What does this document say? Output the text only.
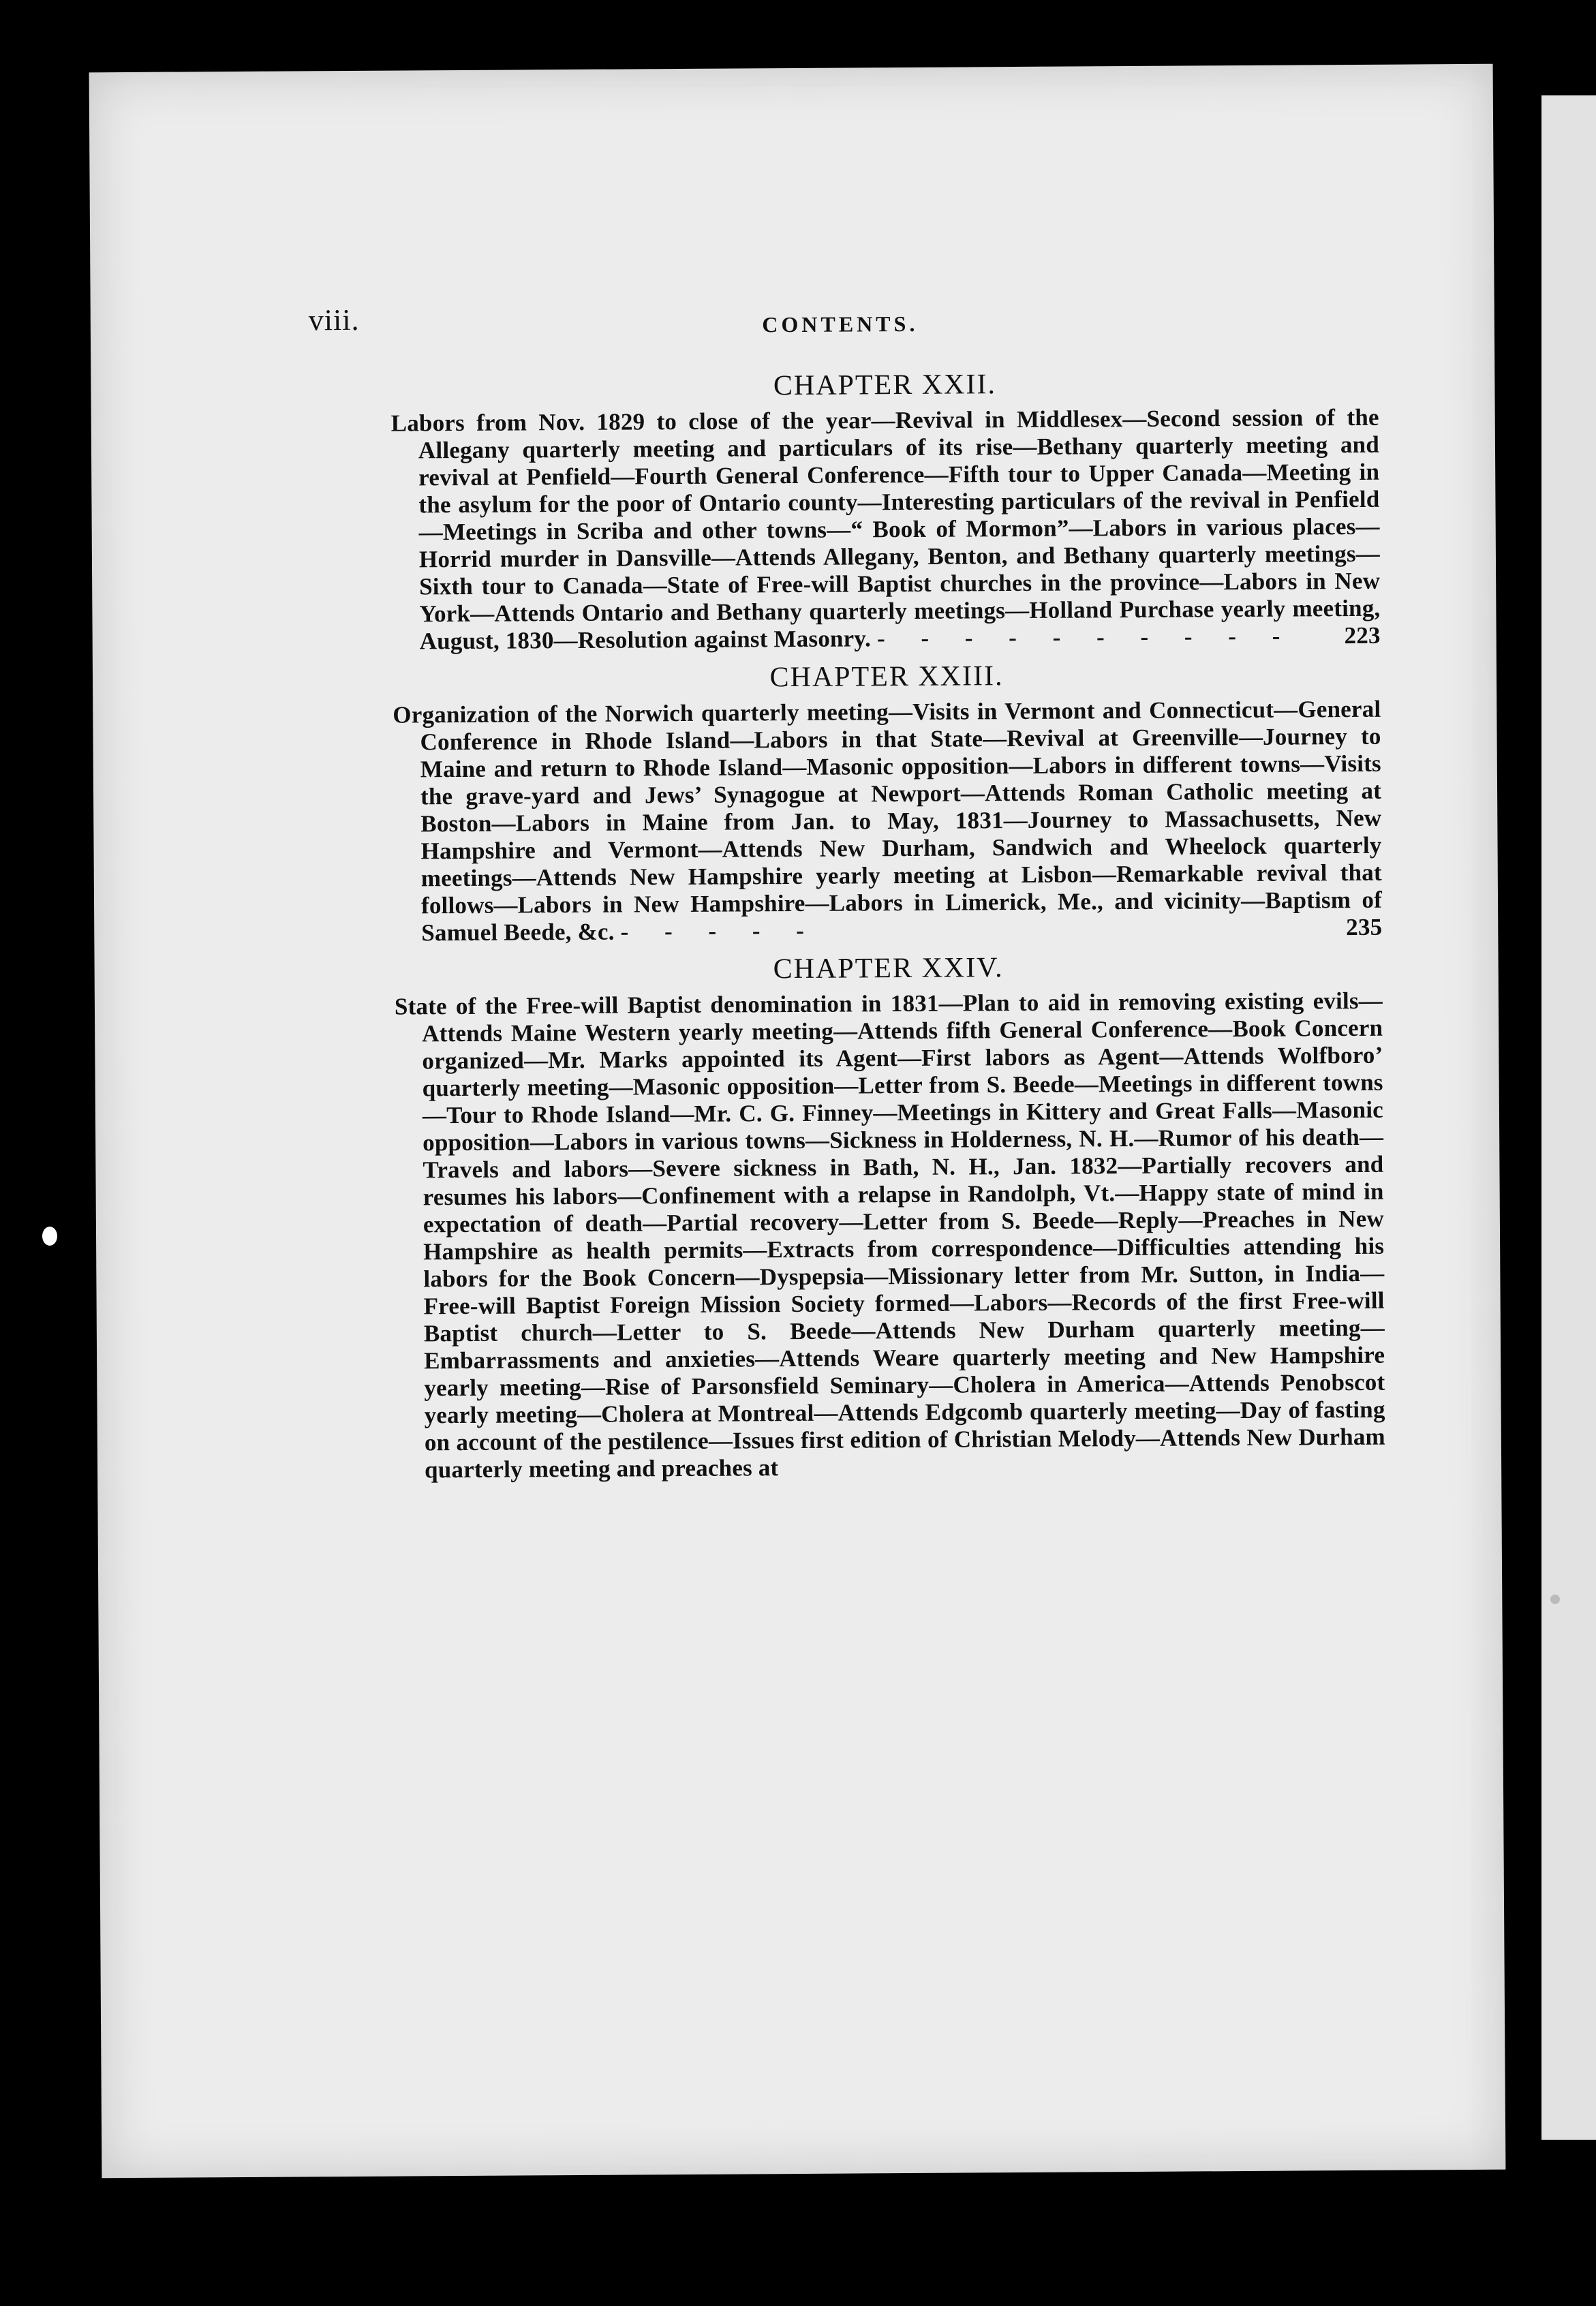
viii.	CONTENTS.
CHAPTER XXII.

Labors from Nov. 1829 to close of the year—Revival in Middlesex—Second session of the Allegany quarterly meeting and particulars of its rise—Bethany quarterly meeting and revival at Penfield—Fourth General Conference—Fifth tour to Upper Canada—Meeting in the asylum for the poor of Ontario county—Interesting particulars of the revival in Penfield—Meetings in Scriba and other towns—“ Book of Mormon”—Labors in various places—Horrid murder in Dansville—Attends Allegany, Benton, and Bethany quarterly meetings—Sixth tour to Canada—State of Free-will Baptist churches in the province—Labors in New York—Attends Ontario and Bethany quarterly meetings—Holland Purchase yearly meeting, August, 1830—Resolution against Masonry. - - - - - - - - - - 223

CHAPTER XXIII.

Organization of the Norwich quarterly meeting—Visits in Vermont and Connecticut—General Conference in Rhode Island—Labors in that State—Revival at Greenville—Journey to Maine and return to Rhode Island—Masonic opposition—Labors in different towns—Visits the grave-yard and Jews’ Synagogue at Newport—Attends Roman Catholic meeting at Boston—Labors in Maine from Jan. to May, 1831—Journey to Massachusetts, New Hampshire and Vermont—Attends New Durham, Sandwich and Wheelock quarterly meetings—Attends New Hampshire yearly meeting at Lisbon—Remarkable revival that follows—Labors in New Hampshire—Labors in Limerick, Me., and vicinity—Baptism of Samuel Beede, &c. - - - - -	235

CHAPTER XXIV.

State of the Free-will Baptist denomination in 1831—Plan to aid in removing existing evils—Attends Maine Western yearly meeting—Attends fifth General Conference—Book Concern organized—Mr. Marks appointed its Agent—First labors as Agent—Attends Wolfboro’ quarterly meeting—Masonic opposition—Letter from S. Beede—Meetings in different towns—Tour to Rhode Island—Mr. C. G. Finney—Meetings in Kittery and Great Falls—Masonic opposition—Labors in various towns—Sickness in Holderness, N. H.—Rumor of his death—Travels and labors—Severe sickness in Bath, N. H., Jan. 1832—Partially recovers and resumes his labors—Confinement with a relapse in Randolph, Vt.—Happy state of mind in expectation of death—Partial recovery—Letter from S. Beede—Reply—Preaches in New Hampshire as health permits—Extracts from correspondence—Difficulties attending his labors for the Book Concern—Dyspepsia—Missionary letter from Mr. Sutton, in India—Free-will Baptist Foreign Mission Society formed—Labors—Records of the first Free-will Baptist church—Letter to S. Beede—Attends New Durham quarterly meeting—Embarrassments and anxieties—Attends Weare quarterly meeting and New Hampshire yearly meeting—Rise of Parsonsfield Seminary—Cholera in America—Attends Penobscot yearly meeting—Cholera at Montreal—Attends Edgcomb quarterly meeting—Day of fasting on account of the pestilence—Issues first edition of Christian Melody—Attends New Durham quarterly meeting and preaches at
